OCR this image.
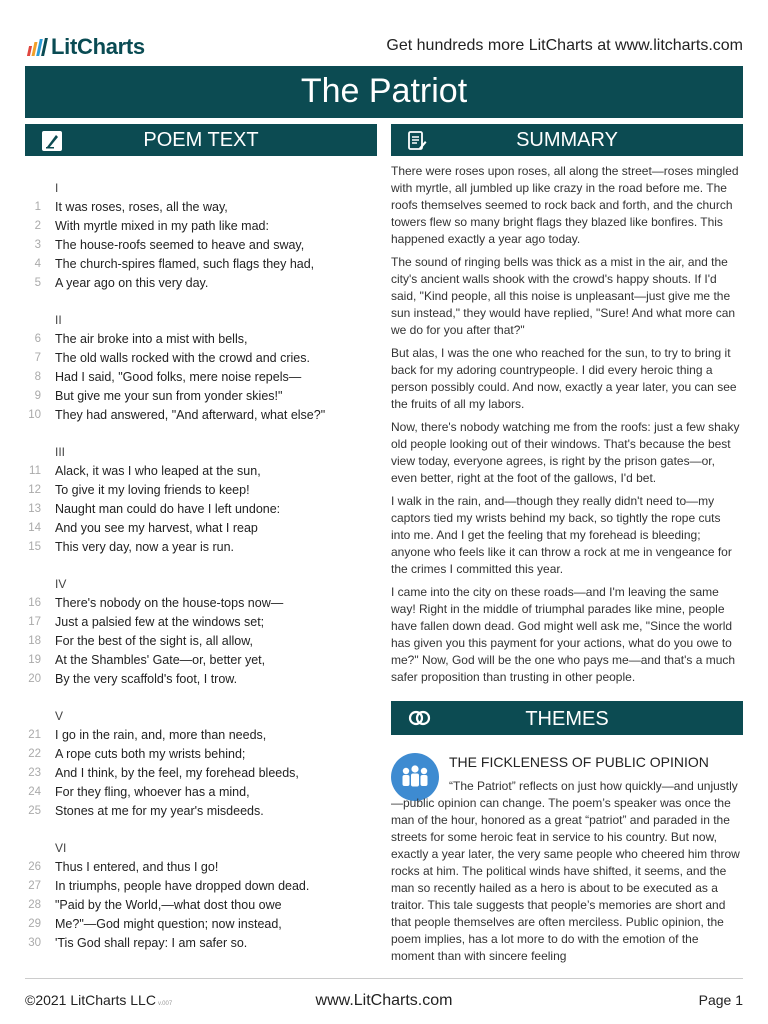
LitCharts	Get hundreds more LitCharts at www.litcharts.com
The Patriot
POEM TEXT	SUMMARY
I
1 It was roses, roses, all the way,
2 With myrtle mixed in my path like mad:
3 The house-roofs seemed to heave and sway,
4 The church-spires flamed, such flags they had,
5 A year ago on this very day.
II
6 The air broke into a mist with bells,
7 The old walls rocked with the crowd and cries.
8 Had I said, "Good folks, mere noise repels—
9 But give me your sun from yonder skies!"
10 They had answered, "And afterward, what else?"
III
11 Alack, it was I who leaped at the sun,
12 To give it my loving friends to keep!
13 Naught man could do have I left undone:
14 And you see my harvest, what I reap
15 This very day, now a year is run.
IV
16 There's nobody on the house-tops now—
17 Just a palsied few at the windows set;
18 For the best of the sight is, all allow,
19 At the Shambles' Gate—or, better yet,
20 By the very scaffold's foot, I trow.
V
21 I go in the rain, and, more than needs,
22 A rope cuts both my wrists behind;
23 And I think, by the feel, my forehead bleeds,
24 For they fling, whoever has a mind,
25 Stones at me for my year's misdeeds.
VI
26 Thus I entered, and thus I go!
27 In triumphs, people have dropped down dead.
28 "Paid by the World,—what dost thou owe
29 Me?"—God might question; now instead,
30 'Tis God shall repay: I am safer so.

There were roses upon roses, all along the street—roses mingled with myrtle, all jumbled up like crazy in the road before me. The roofs themselves seemed to rock back and forth, and the church towers flew so many bright flags they blazed like bonfires. This happened exactly a year ago today.

The sound of ringing bells was thick as a mist in the air, and the city's ancient walls shook with the crowd's happy shouts. If I'd said, "Kind people, all this noise is unpleasant—just give me the sun instead," they would have replied, "Sure! And what more can we do for you after that?"

But alas, I was the one who reached for the sun, to try to bring it back for my adoring countrypeople. I did every heroic thing a person possibly could. And now, exactly a year later, you can see the fruits of all my labors.

Now, there's nobody watching me from the roofs: just a few shaky old people looking out of their windows. That's because the best view today, everyone agrees, is right by the prison gates—or, even better, right at the foot of the gallows, I'd bet.

I walk in the rain, and—though they really didn't need to—my captors tied my wrists behind my back, so tightly the rope cuts into me. And I get the feeling that my forehead is bleeding; anyone who feels like it can throw a rock at me in vengeance for the crimes I committed this year.

I came into the city on these roads—and I'm leaving the same way! Right in the middle of triumphal parades like mine, people have fallen down dead. God might well ask me, "Since the world has given you this payment for your actions, what do you owe to me?" Now, God will be the one who pays me—and that's a much safer proposition than trusting in other people.

THEMES
THE FICKLENESS OF PUBLIC OPINION
“The Patriot” reflects on just how quickly—and unjustly—public opinion can change. The poem’s speaker was once the man of the hour, honored as a great “patriot” and paraded in the streets for some heroic feat in service to his country. But now, exactly a year later, the very same people who cheered him throw rocks at him. The political winds have shifted, it seems, and the man so recently hailed as a hero is about to be executed as a traitor. This tale suggests that people’s memories are short and that people themselves are often merciless. Public opinion, the poem implies, has a lot more to do with the emotion of the moment than with sincere feeling
©2021 LitCharts LLC v.007	www.LitCharts.com	Page 1
